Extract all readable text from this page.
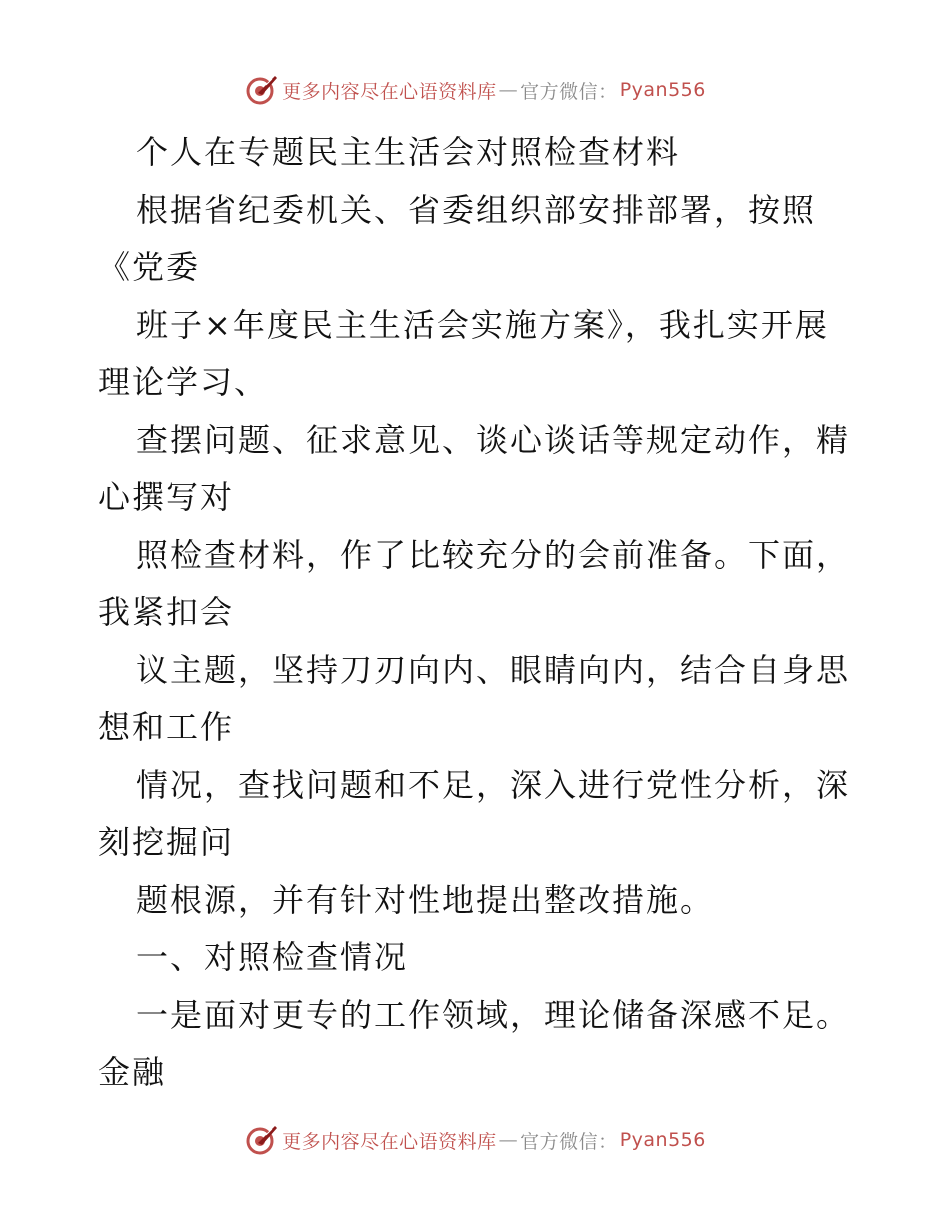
更多内容尽在心语资料库 — 官方微信： Pyan556
个人在专题民主生活会对照检查材料
根据省纪委机关、省委组织部安排部署，按照
《党委
班子×年度民主生活会实施方案》，我扎实开展
理论学习、
查摆问题、征求意见、谈心谈话等规定动作，精
心撰写对
照检查材料，作了比较充分的会前准备。下面，
我紧扣会
议主题，坚持刀刃向内、眼睛向内，结合自身思
想和工作
情况，查找问题和不足，深入进行党性分析，深
刻挖掘问
题根源，并有针对性地提出整改措施。
一、对照检查情况
一是面对更专的工作领域，理论储备深感不足。
金融
更多内容尽在心语资料库 — 官方微信： Pyan556
